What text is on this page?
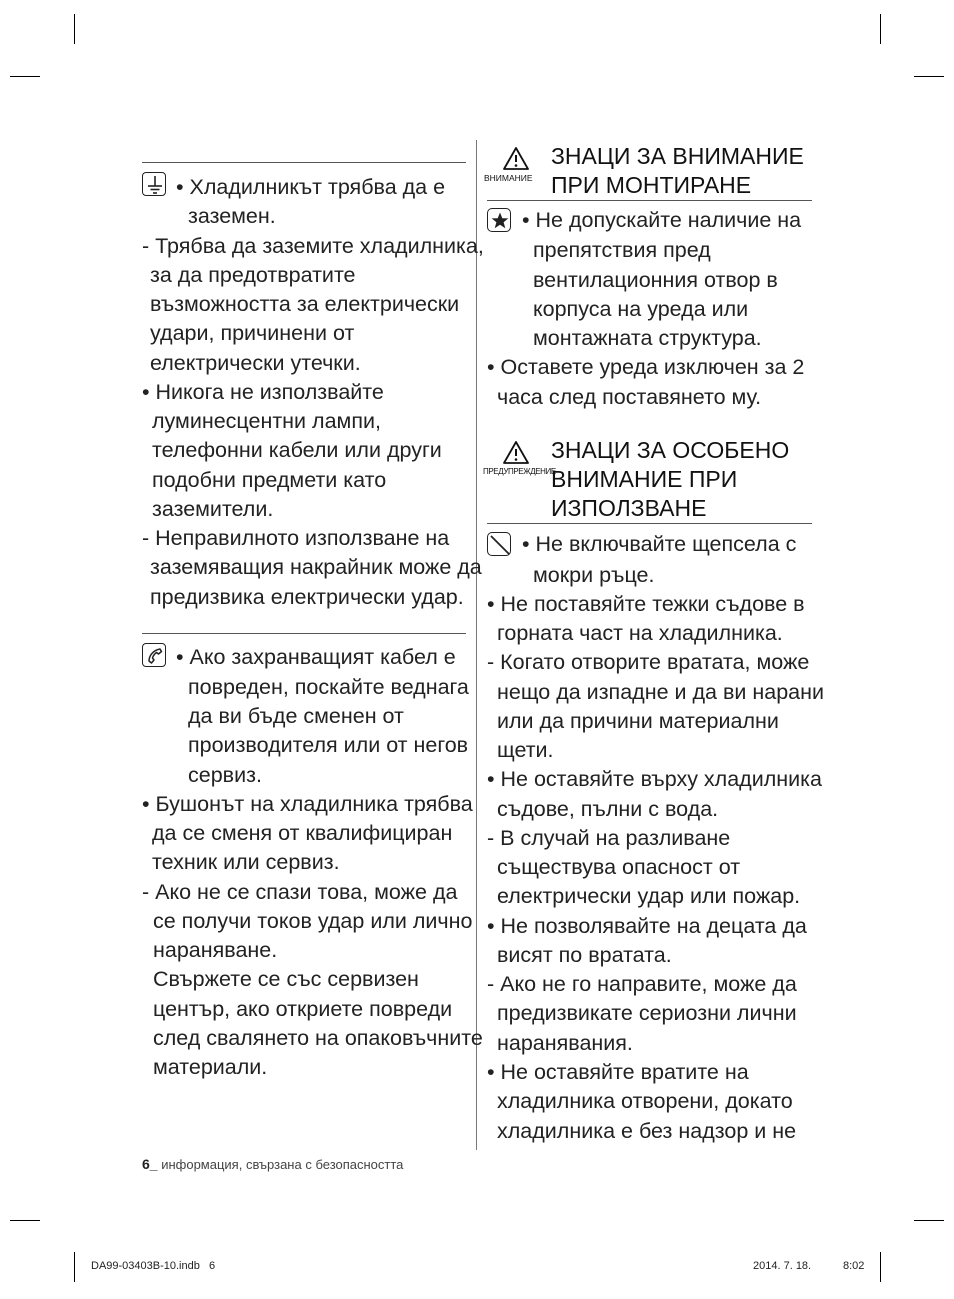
• Хладилникът трябва да е
заземен.
- Трябва да заземите хладилника,
за да предотвратите
възможността за електрически
удари, причинени от
електрически утечки.
• Никога не използвайте
луминесцентни лампи,
телефонни кабели или други
подобни предмети като
заземители.
- Неправилното използване на
заземяващия накрайник може да
предизвика електрически удар.
• Ако захранващият кабел е
повреден, поскайте веднага
да ви бъде сменен от
производителя или от негов
сервиз.
• Бушонът на хладилника трябва
да се сменя от квалифициран
техник или сервиз.
- Ако не се спази това, може да
се получи токов удар или лично
нараняване.
Свържете се със сервизен
център, ако откриете повреди
след свалянето на опаковъчните
материали.
ВНИМАНИЕ
ЗНАЦИ ЗА ВНИМАНИЕ
ПРИ МОНТИРАНЕ
• Не допускайте наличие на
препятствия пред
вентилационния отвор в
корпуса на уреда или
монтажната структура.
• Оставете уреда изключен за 2
часа след поставянето му.
ПРЕДУПРЕЖДЕНИЕ
ЗНАЦИ ЗА ОСОБЕНО
ВНИМАНИЕ ПРИ
ИЗПОЛЗВАНЕ
• Не включвайте щепсела с
мокри ръце.
• Не поставяйте тежки съдове в
горната част на хладилника.
- Когато отворите вратата, може
нещо да изпадне и да ви нарани
или да причини материални
щети.
• Не оставяйте върху хладилника
съдове, пълни с вода.
- В случай на разливане
съществува опасност от
електрически удар или пожар.
• Не позволявайте на децата да
висят по вратата.
- Ако не го направите, може да
предизвикате сериозни лични
наранявания.
• Не оставяйте вратите на
хладилника отворени, докато
хладилника е без надзор и не
6_ информация, свързана с безопасността
DA99-03403B-10.indb   6	2014. 7. 18.	8:02
